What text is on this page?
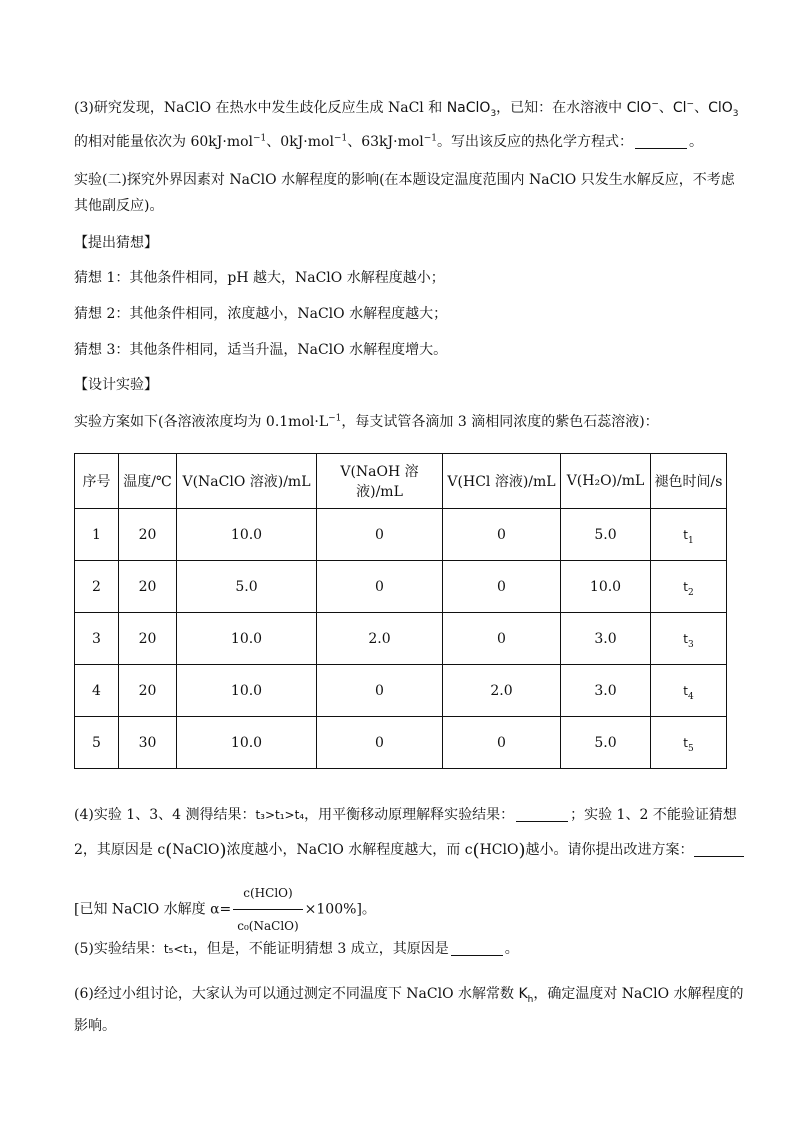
(3)研究发现，NaClO 在热水中发生歧化反应生成 NaCl 和 NaClO$_3$，已知：在水溶液中 ClO−、Cl−、ClO$_3$
的相对能量依次为 60kJ·mol$^{-1}$、0kJ·mol$^{-1}$、63kJ·mol$^{-1}$。写出该反应的热化学方程式：	。
实验(二)探究外界因素对 NaClO 水解程度的影响(在本题设定温度范围内 NaClO 只发生水解反应，不考虑
其他副反应)。
【提出猜想】
猜想 1：其他条件相同，pH 越大，NaClO 水解程度越小；
猜想 2：其他条件相同，浓度越小，NaClO 水解程度越大；
猜想 3：其他条件相同，适当升温，NaClO 水解程度增大。
【设计实验】
实验方案如下(各溶液浓度均为 $0.1mol\cdot L^{-1}$，每支试管各滴加 3 滴相同浓度的紫色石蕊溶液)：
序号	温度/℃	V(NaClO 溶液)/mL	V(NaOH 溶液)/mL	V(HCl 溶液)/mL	V(H₂O)/mL	褪色时间/s
1	20	10.0	0	0	5.0	$t_1$
2	20	5.0	0	0	10.0	$t_2$
3	20	10.0	2.0	0	3.0	$t_3$
4	20	10.0	0	2.0	3.0	$t_4$
5	30	10.0	0	0	5.0	$t_5$
(4)实验 1、3、4 测得结果：t₃>t₁>t₄，用平衡移动原理解释实验结果：	；实验 1、2 不能验证猜想
2，其原因是 c(NaClO)浓度越小，NaClO 水解程度越大，而 c(HClO)越小。请你提出改进方案：
[已知 NaClO 水解度 $\alpha= \frac{\text{c(HClO)}}{\text{c₀(NaClO)}} \times 100\%$]。
(5)实验结果：t₅<t₁，但是，不能证明猜想 3 成立，其原因是	。
(6)经过小组讨论，大家认为可以通过测定不同温度下 NaClO 水解常数 $K_h$，确定温度对 NaClO 水解程度的
影响。
